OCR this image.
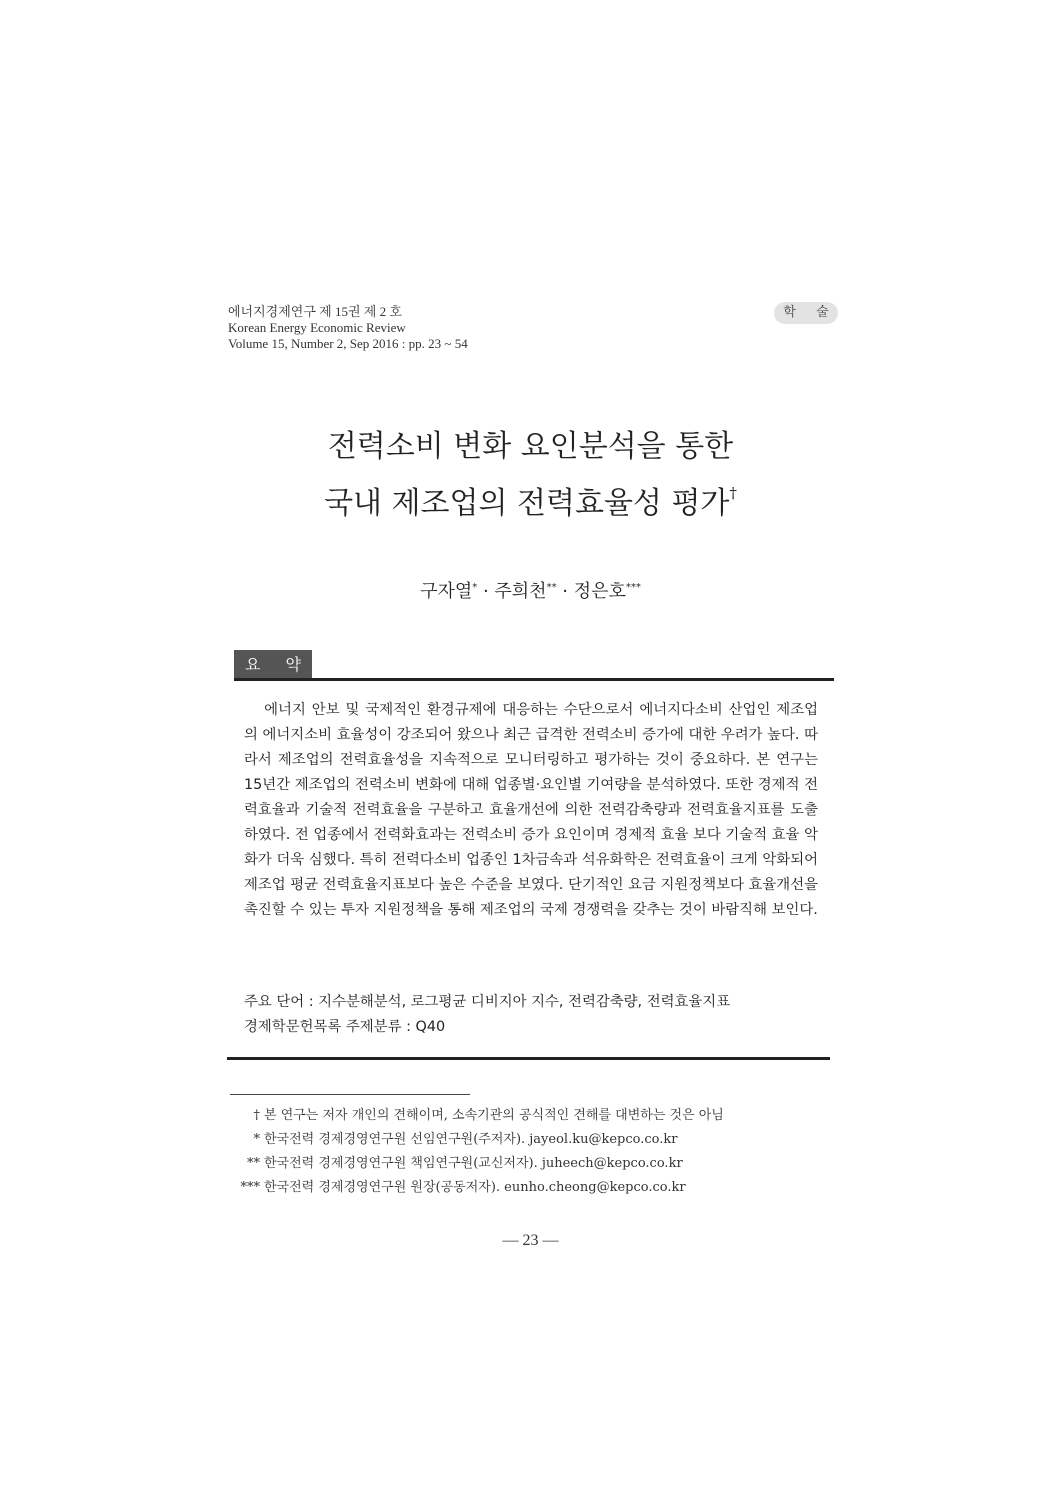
에너지경제연구 제 15권 제 2 호
Korean Energy Economic Review
Volume 15, Number 2, Sep 2016 : pp. 23 ~ 54
학 술
전력소비 변화 요인분석을 통한
국내 제조업의 전력효율성 평가†
구자열* · 주희천** · 정은호***
요 약

에너지 안보 및 국제적인 환경규제에 대응하는 수단으로서 에너지다소비 산업인 제조업의 에너지소비 효율성이 강조되어 왔으나 최근 급격한 전력소비 증가에 대한 우려가 높다. 따라서 제조업의 전력효율성을 지속적으로 모니터링하고 평가하는 것이 중요하다. 본 연구는 15년간 제조업의 전력소비 변화에 대해 업종별·요인별 기여량을 분석하였다. 또한 경제적 전력효율과 기술적 전력효율을 구분하고 효율개선에 의한 전력감축량과 전력효율지표를 도출하였다. 전 업종에서 전력화효과는 전력소비 증가 요인이며 경제적 효율 보다 기술적 효율 악화가 더욱 심했다. 특히 전력다소비 업종인 1차금속과 석유화학은 전력효율이 크게 악화되어 제조업 평균 전력효율지표보다 높은 수준을 보였다. 단기적인 요금 지원정책보다 효율개선을 촉진할 수 있는 투자 지원정책을 통해 제조업의 국제 경쟁력을 갖추는 것이 바람직해 보인다.

주요 단어 : 지수분해분석, 로그평균 디비지아 지수, 전력감축량, 전력효율지표
경제학문헌목록 주제분류 : Q40
† 본 연구는 저자 개인의 견해이며, 소속기관의 공식적인 견해를 대변하는 것은 아님
* 한국전력 경제경영연구원 선임연구원(주저자). jayeol.ku@kepco.co.kr
** 한국전력 경제경영연구원 책임연구원(교신저자). juheech@kepco.co.kr
*** 한국전력 경제경영연구원 원장(공동저자). eunho.cheong@kepco.co.kr
— 23 —
